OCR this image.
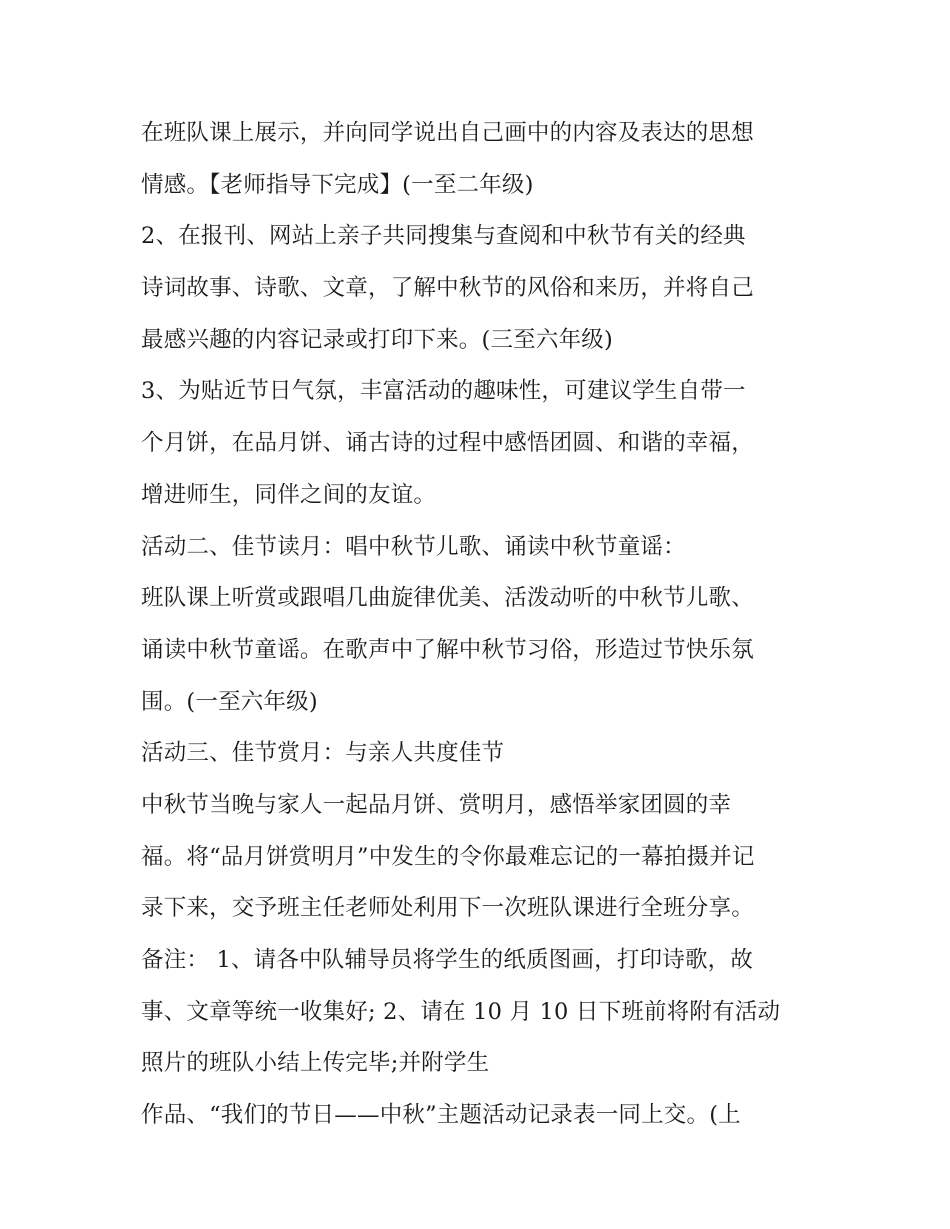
在班队课上展示，并向同学说出自己画中的内容及表达的思想
情感。【老师指导下完成】(一至二年级)
2、在报刊、网站上亲子共同搜集与查阅和中秋节有关的经典
诗词故事、诗歌、文章，了解中秋节的风俗和来历，并将自己
最感兴趣的内容记录或打印下来。(三至六年级)
3、为贴近节日气氛，丰富活动的趣味性，可建议学生自带一
个月饼，在品月饼、诵古诗的过程中感悟团圆、和谐的幸福，
增进师生，同伴之间的友谊。
活动二、佳节读月：唱中秋节儿歌、诵读中秋节童谣：
班队课上听赏或跟唱几曲旋律优美、活泼动听的中秋节儿歌、
诵读中秋节童谣。在歌声中了解中秋节习俗，形造过节快乐氛
围。(一至六年级)
活动三、佳节赏月：与亲人共度佳节
中秋节当晚与家人一起品月饼、赏明月，感悟举家团圆的幸
福。将“品月饼赏明月”中发生的令你最难忘记的一幕拍摄并记
录下来，交予班主任老师处利用下一次班队课进行全班分享。
备注： 1、请各中队辅导员将学生的纸质图画，打印诗歌，故
事、文章等统一收集好; 2、请在 10 月 10 日下班前将附有活动
照片的班队小结上传完毕;并附学生
作品、“我们的节日——中秋”主题活动记录表一同上交。(上
